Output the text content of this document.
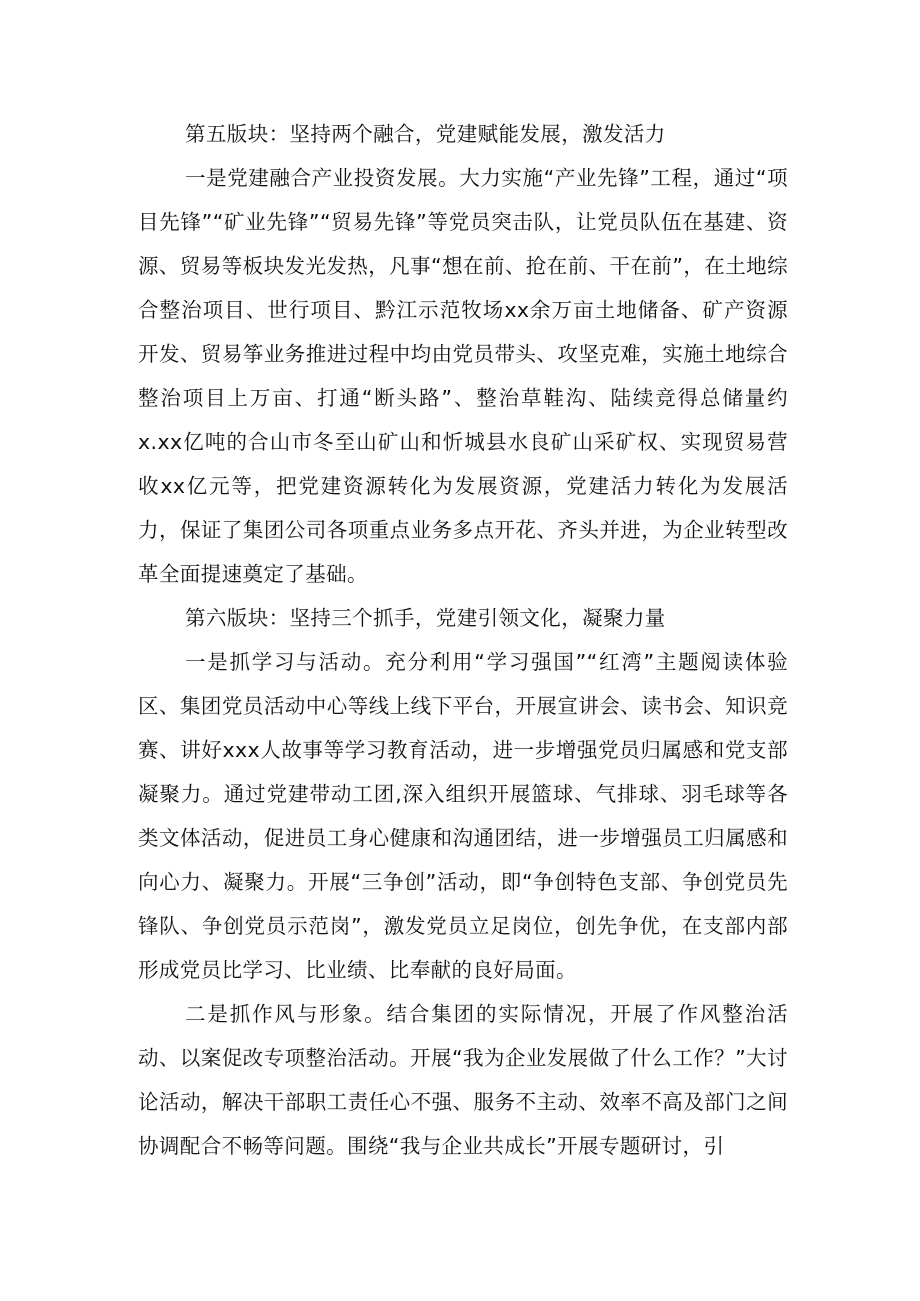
第五版块：坚持两个融合，党建赋能发展，激发活力

一是党建融合产业投资发展。大力实施“产业先锋”工程，通过“项目先锋”“矿业先锋”“贸易先锋”等党员突击队，让党员队伍在基建、资源、贸易等板块发光发热，凡事“想在前、抢在前、干在前”，在土地综合整治项目、世行项目、黔江示范牧场xx余万亩土地储备、矿产资源开发、贸易筝业务推进过程中均由党员带头、攻坚克难，实施土地综合整治项目上万亩、打通“断头路”、整治草鞋沟、陆续竞得总储量约x.xx亿吨的合山市冬至山矿山和忻城县水良矿山采矿权、实现贸易营收xx亿元等，把党建资源转化为发展资源，党建活力转化为发展活力，保证了集团公司各项重点业务多点开花、齐头并进，为企业转型改革全面提速奠定了基础。

第六版块：坚持三个抓手，党建引领文化，凝聚力量

一是抓学习与活动。充分利用“学习强国”“红湾”主题阅读体验区、集团党员活动中心等线上线下平台，开展宣讲会、读书会、知识竞赛、讲好xxx人故事等学习教育活动，进一步增强党员归属感和党支部凝聚力。通过党建带动工团,深入组织开展篮球、气排球、羽毛球等各类文体活动，促进员工身心健康和沟通团结，进一步增强员工归属感和向心力、凝聚力。开展“三争创”活动，即“争创特色支部、争创党员先锋队、争创党员示范岗”，激发党员立足岗位，创先争优，在支部内部形成党员比学习、比业绩、比奉献的良好局面。

二是抓作风与形象。结合集团的实际情况，开展了作风整治活动、以案促改专项整治活动。开展“我为企业发展做了什么工作？”大讨论活动，解决干部职工责任心不强、服务不主动、效率不高及部门之间协调配合不畅等问题。围绕“我与企业共成长”开展专题研讨，引
